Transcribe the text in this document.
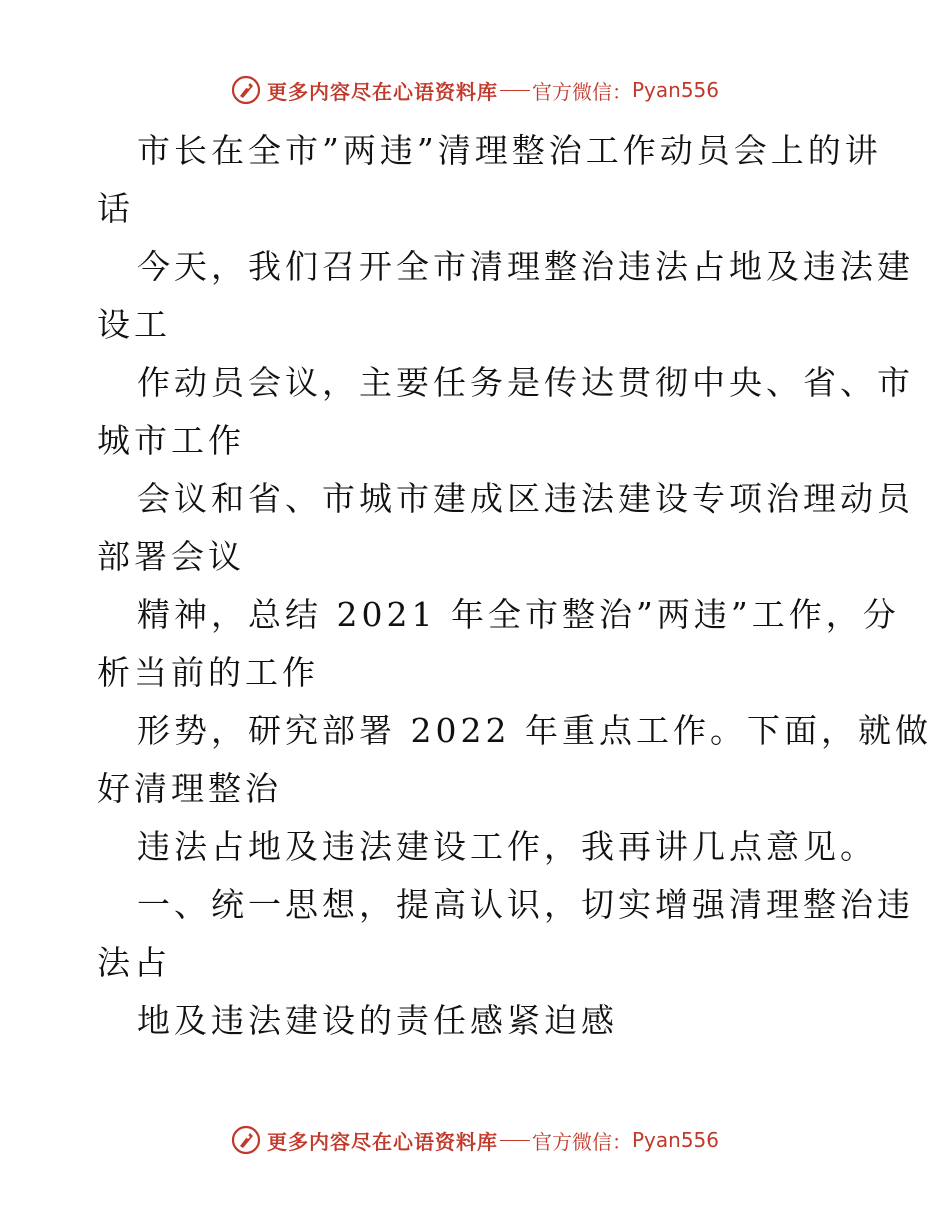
更多内容尽在心语资料库 官方微信： Pyan556
市长在全市”两违”清理整治工作动员会上的讲
话
今天，我们召开全市清理整治违法占地及违法建
设工
作动员会议，主要任务是传达贯彻中央、省、市
城市工作
会议和省、市城市建成区违法建设专项治理动员
部署会议
精神，总结 2021 年全市整治”两违”工作，分
析当前的工作
形势，研究部署 2022 年重点工作。下面，就做
好清理整治
违法占地及违法建设工作，我再讲几点意见。
一、统一思想，提高认识，切实增强清理整治违
法占
地及违法建设的责任感紧迫感
更多内容尽在心语资料库 官方微信： Pyan556
